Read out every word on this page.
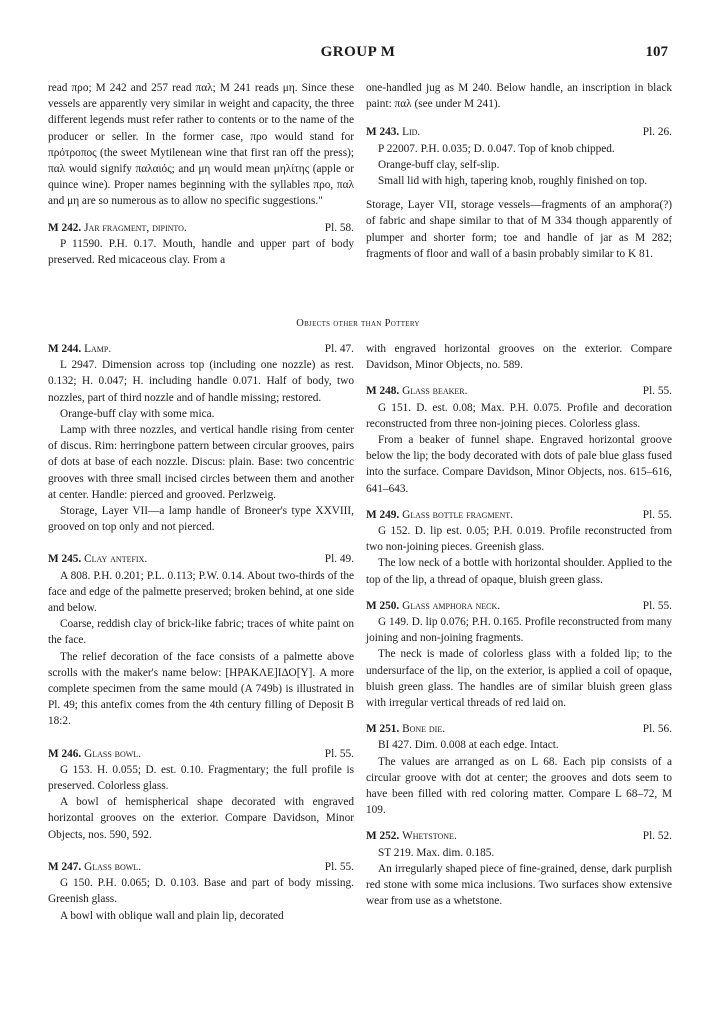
GROUP M	107

read προ; M 242 and 257 read παλ; M 241 reads μη. Since these vessels are apparently very similar in weight and capacity, the three different legends must refer rather to contents or to the name of the producer or seller. In the former case, προ would stand for πρότροπος (the sweet Mytilenean wine that first ran off the press); παλ would signify παλαιός; and μη would mean μηλίτης (apple or quince wine). Proper names beginning with the syllables προ, παλ and μη are so numerous as to allow no specific suggestions."

M 242. Jar fragment, dipinto.	Pl. 58.

P 11590. P.H. 0.17. Mouth, handle and upper part of body preserved. Red micaceous clay. From a

one-handled jug as M 240. Below handle, an inscription in black paint: παλ (see under M 241).

M 243. Lid.	Pl. 26.

P 22007. P.H. 0.035; D. 0.047. Top of knob chipped.

Orange-buff clay, self-slip.

Small lid with high, tapering knob, roughly finished on top.

Storage, Layer VII, storage vessels—fragments of an amphora(?) of fabric and shape similar to that of M 334 though apparently of plumper and shorter form; toe and handle of jar as M 282; fragments of floor and wall of a basin probably similar to K 81.

Objects other than Pottery
M 244. Lamp.	Pl. 47.

L 2947. Dimension across top (including one nozzle) as rest. 0.132; H. 0.047; H. including handle 0.071. Half of body, two nozzles, part of third nozzle and of handle missing; restored.

Orange-buff clay with some mica.

Lamp with three nozzles, and vertical handle rising from center of discus. Rim: herringbone pattern between circular grooves, pairs of dots at base of each nozzle. Discus: plain. Base: two concentric grooves with three small incised circles between them and another at center. Handle: pierced and grooved. Perlzweig.

Storage, Layer VII—a lamp handle of Broneer's type XXVIII, grooved on top only and not pierced.

M 245. Clay antefix.	Pl. 49.

A 808. P.H. 0.201; P.L. 0.113; P.W. 0.14. About two-thirds of the face and edge of the palmette preserved; broken behind, at one side and below.

Coarse, reddish clay of brick-like fabric; traces of white paint on the face.

The relief decoration of the face consists of a palmette above scrolls with the maker's name below: [ΗΡΑΚΛΕ]ΙΔΟ[Υ]. A more complete specimen from the same mould (A 749b) is illustrated in Pl. 49; this antefix comes from the 4th century filling of Deposit B 18:2.

M 246. Glass bowl.	Pl. 55.

G 153. H. 0.055; D. est. 0.10. Fragmentary; the full profile is preserved. Colorless glass.

A bowl of hemispherical shape decorated with engraved horizontal grooves on the exterior. Compare Davidson, Minor Objects, nos. 590, 592.

M 247. Glass bowl.	Pl. 55.

G 150. P.H. 0.065; D. 0.103. Base and part of body missing. Greenish glass.

A bowl with oblique wall and plain lip, decorated

with engraved horizontal grooves on the exterior. Compare Davidson, Minor Objects, no. 589.

M 248. Glass beaker.	Pl. 55.

G 151. D. est. 0.08; Max. P.H. 0.075. Profile and decoration reconstructed from three non-joining pieces. Colorless glass.

From a beaker of funnel shape. Engraved horizontal groove below the lip; the body decorated with dots of pale blue glass fused into the surface. Compare Davidson, Minor Objects, nos. 615–616, 641–643.

M 249. Glass bottle fragment.	Pl. 55.

G 152. D. lip est. 0.05; P.H. 0.019. Profile reconstructed from two non-joining pieces. Greenish glass.

The low neck of a bottle with horizontal shoulder. Applied to the top of the lip, a thread of opaque, bluish green glass.

M 250. Glass amphora neck.	Pl. 55.

G 149. D. lip 0.076; P.H. 0.165. Profile reconstructed from many joining and non-joining fragments.

The neck is made of colorless glass with a folded lip; to the undersurface of the lip, on the exterior, is applied a coil of opaque, bluish green glass. The handles are of similar bluish green glass with irregular vertical threads of red laid on.

M 251. Bone die.	Pl. 56.

BI 427. Dim. 0.008 at each edge. Intact.

The values are arranged as on L 68. Each pip consists of a circular groove with dot at center; the grooves and dots seem to have been filled with red coloring matter. Compare L 68–72, M 109.

M 252. Whetstone.	Pl. 52.

ST 219. Max. dim. 0.185.

An irregularly shaped piece of fine-grained, dense, dark purplish red stone with some mica inclusions. Two surfaces show extensive wear from use as a whetstone.
